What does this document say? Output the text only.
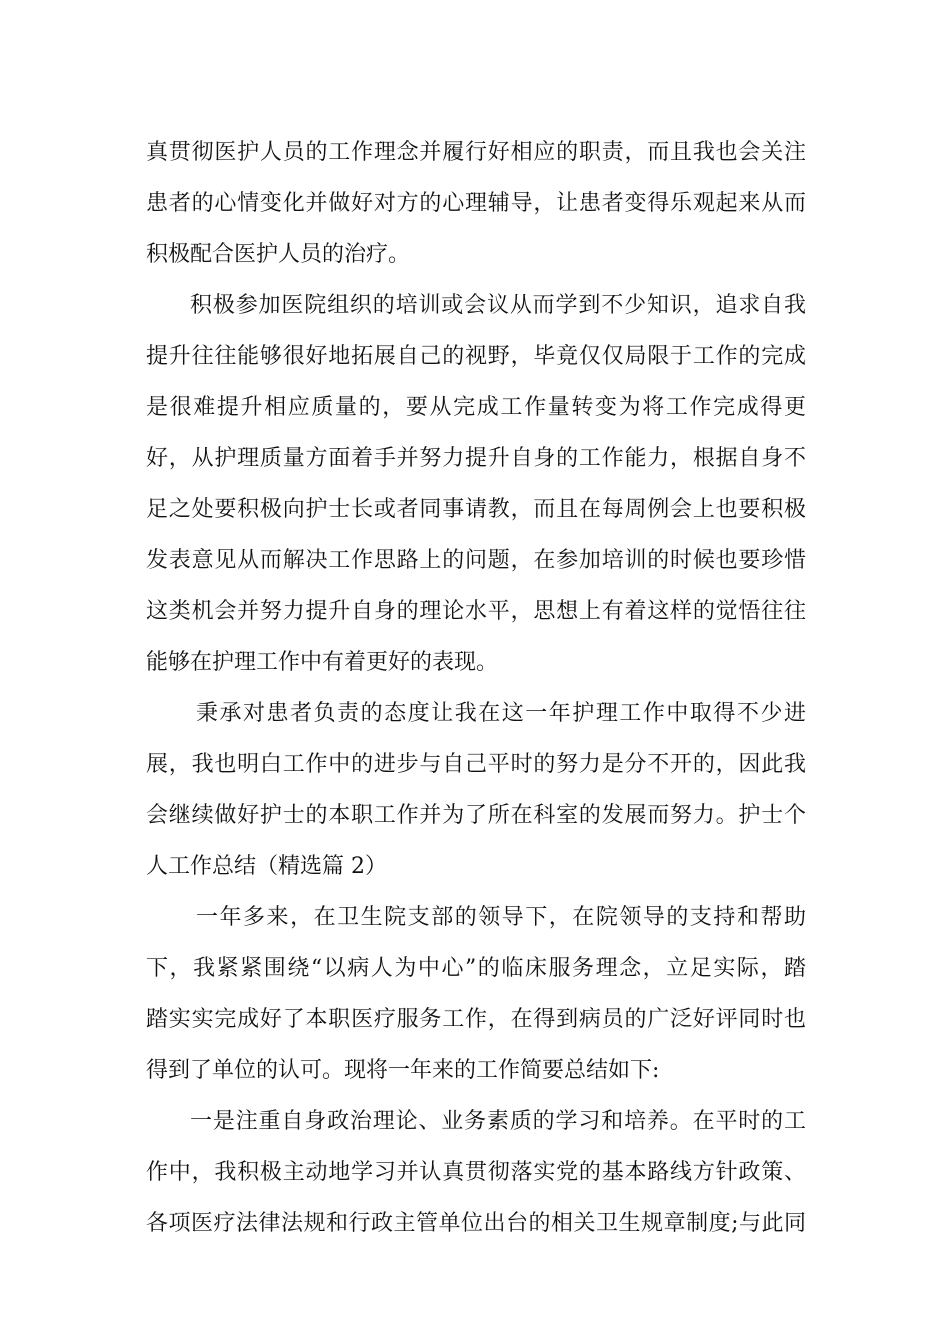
真贯彻医护人员的工作理念并履行好相应的职责，而且我也会关注
患者的心情变化并做好对方的心理辅导，让患者变得乐观起来从而
积极配合医护人员的治疗。
积极参加医院组织的培训或会议从而学到不少知识，追求自我
提升往往能够很好地拓展自己的视野，毕竟仅仅局限于工作的完成
是很难提升相应质量的，要从完成工作量转变为将工作完成得更
好，从护理质量方面着手并努力提升自身的工作能力，根据自身不
足之处要积极向护士长或者同事请教，而且在每周例会上也要积极
发表意见从而解决工作思路上的问题，在参加培训的时候也要珍惜
这类机会并努力提升自身的理论水平，思想上有着这样的觉悟往往
能够在护理工作中有着更好的表现。
秉承对患者负责的态度让我在这一年护理工作中取得不少进
展，我也明白工作中的进步与自己平时的努力是分不开的，因此我
会继续做好护士的本职工作并为了所在科室的发展而努力。护士个
人工作总结（精选篇 2）
一年多来，在卫生院支部的领导下，在院领导的支持和帮助
下，我紧紧围绕“以病人为中心”的临床服务理念，立足实际，踏
踏实实完成好了本职医疗服务工作，在得到病员的广泛好评同时也
得到了单位的认可。现将一年来的工作简要总结如下:
一是注重自身政治理论、业务素质的学习和培养。在平时的工
作中，我积极主动地学习并认真贯彻落实党的基本路线方针政策、
各项医疗法律法规和行政主管单位出台的相关卫生规章制度;与此同
